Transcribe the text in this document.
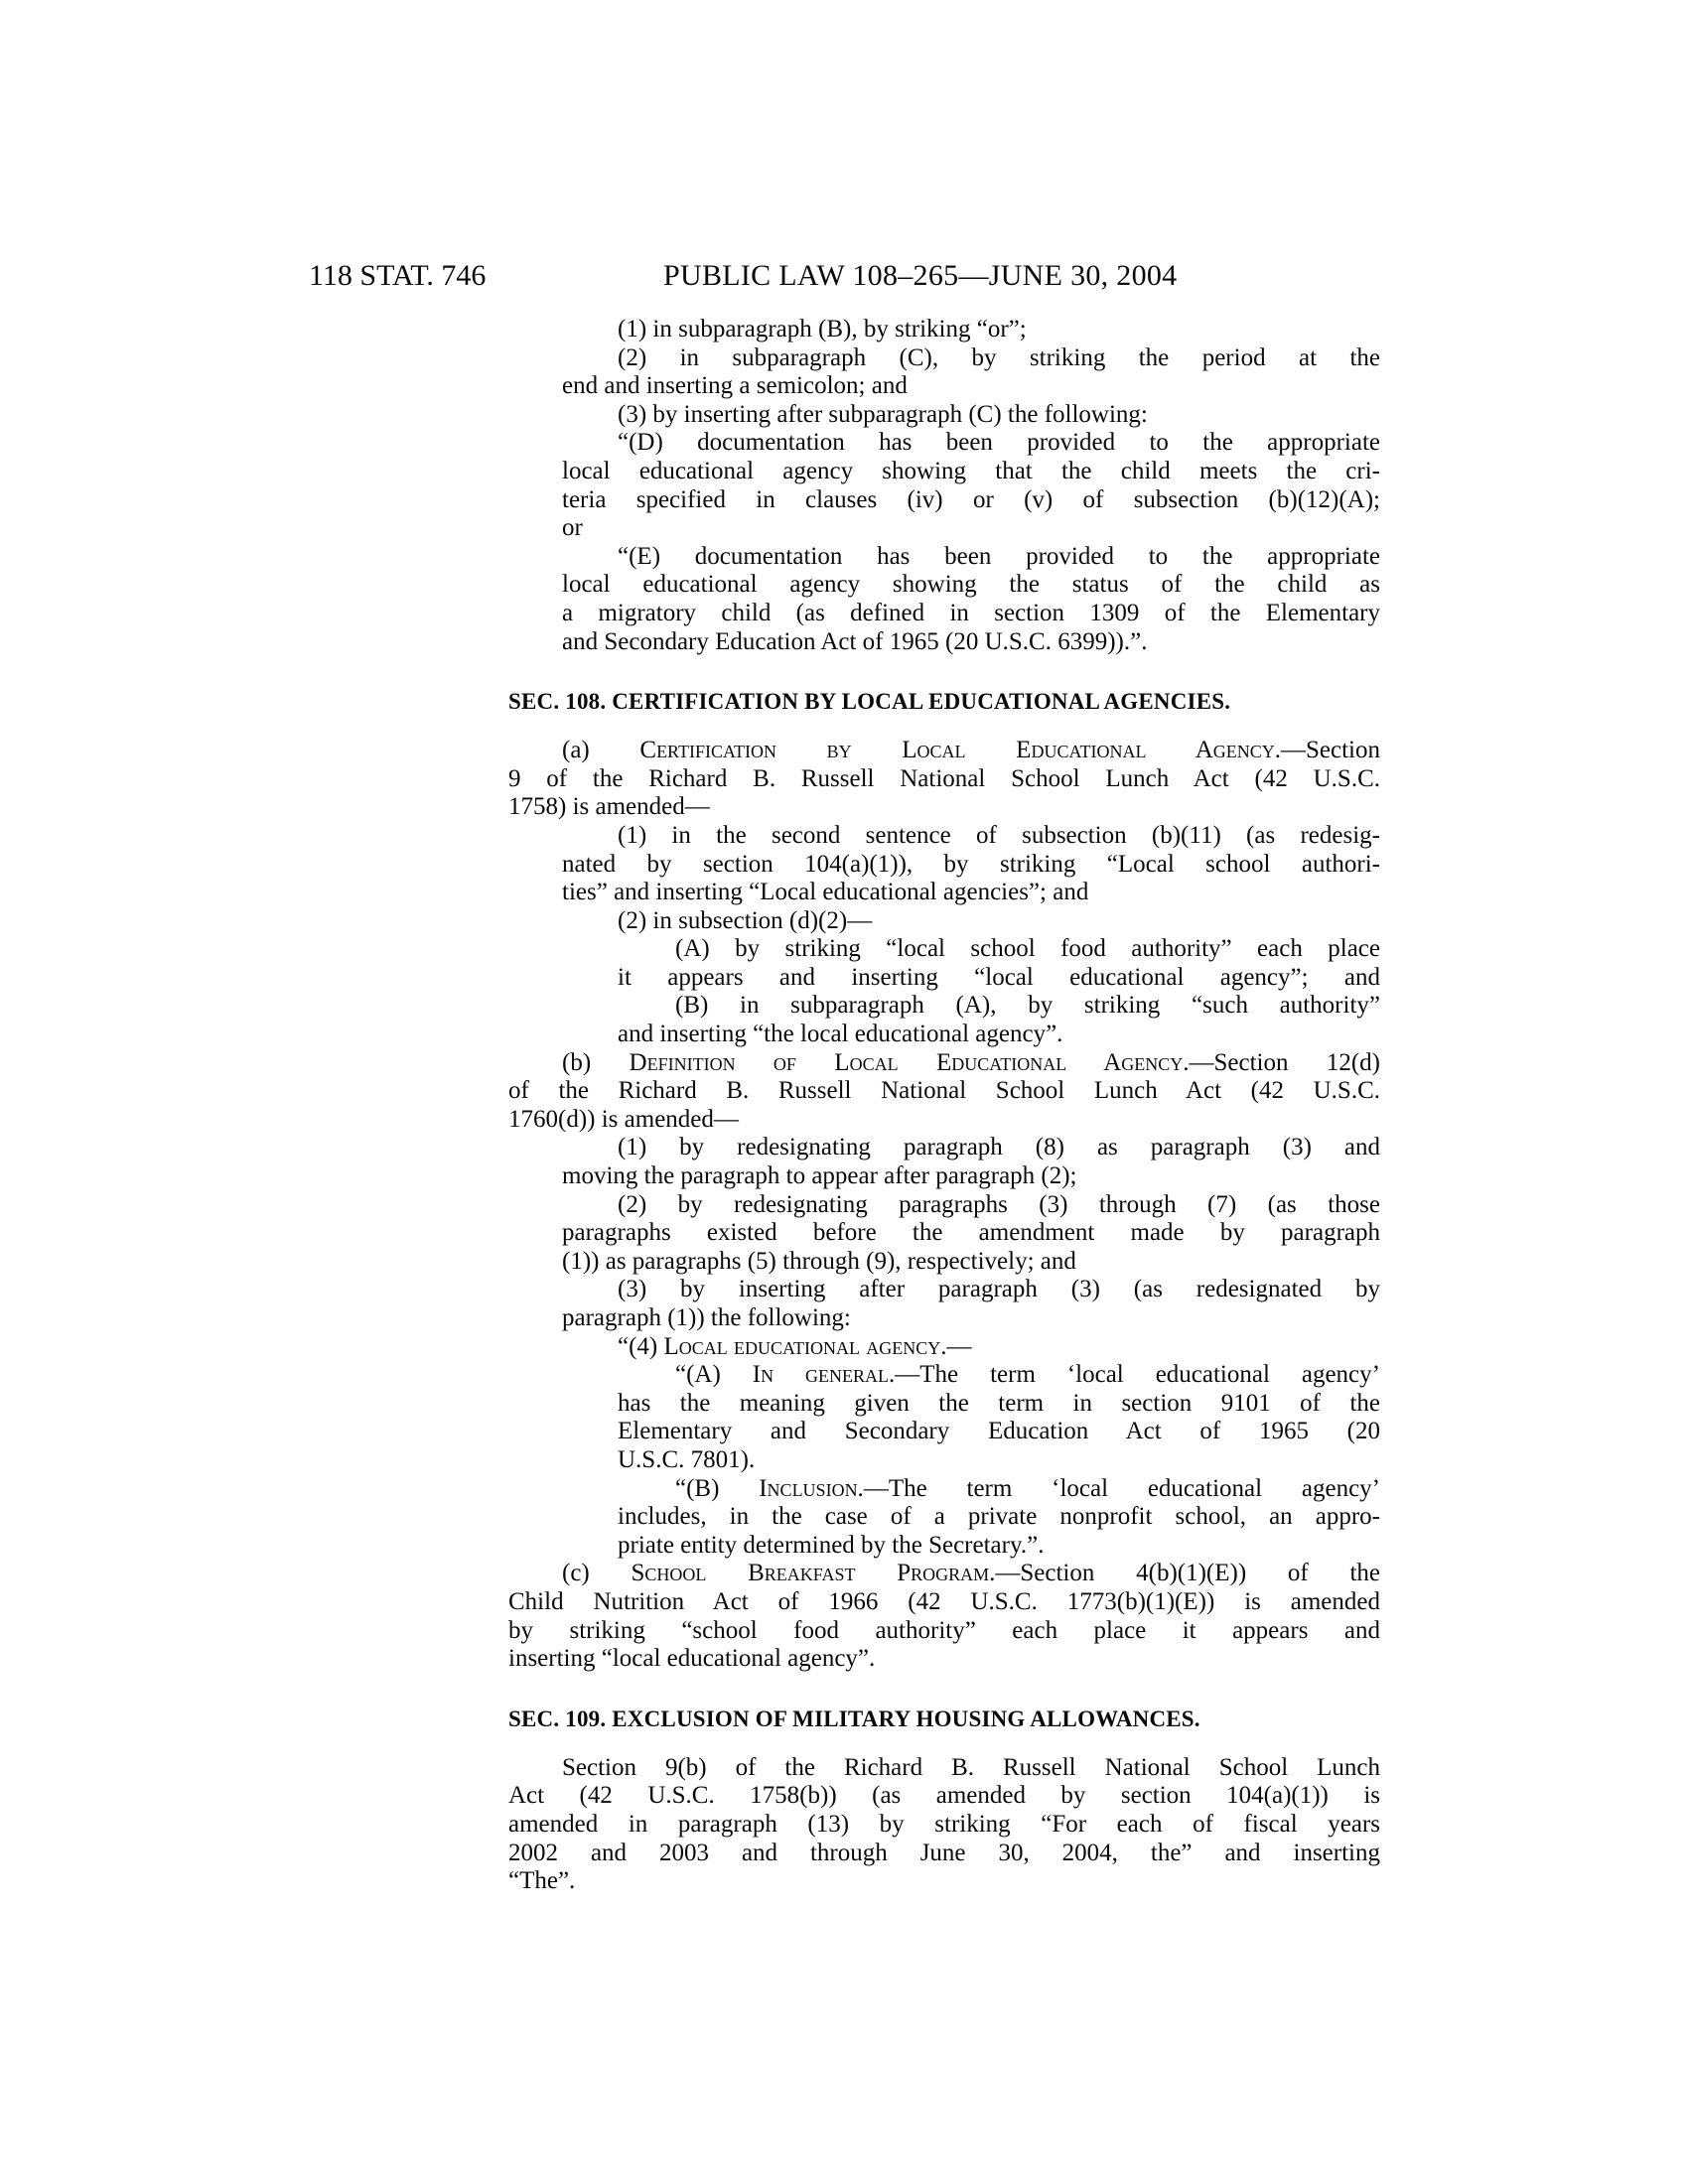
118 STAT. 746	PUBLIC LAW 108–265—JUNE 30, 2004
(1) in subparagraph (B), by striking “or”;
(2) in subparagraph (C), by striking the period at the
end and inserting a semicolon; and
(3) by inserting after subparagraph (C) the following:
“(D) documentation has been provided to the appropriate
local educational agency showing that the child meets the cri-
teria specified in clauses (iv) or (v) of subsection (b)(12)(A);
or
“(E) documentation has been provided to the appropriate
local educational agency showing the status of the child as
a migratory child (as defined in section 1309 of the Elementary
and Secondary Education Act of 1965 (20 U.S.C. 6399)).”.
SEC. 108. CERTIFICATION BY LOCAL EDUCATIONAL AGENCIES.
(a) Certification by Local Educational Agency.—Section
9 of the Richard B. Russell National School Lunch Act (42 U.S.C.
1758) is amended—
(1) in the second sentence of subsection (b)(11) (as redesig-
nated by section 104(a)(1)), by striking “Local school authori-
ties” and inserting “Local educational agencies”; and
(2) in subsection (d)(2)—
(A) by striking “local school food authority” each place
it appears and inserting “local educational agency”; and
(B) in subparagraph (A), by striking “such authority”
and inserting “the local educational agency”.
(b) Definition of Local Educational Agency.—Section 12(d)
of the Richard B. Russell National School Lunch Act (42 U.S.C.
1760(d)) is amended—
(1) by redesignating paragraph (8) as paragraph (3) and
moving the paragraph to appear after paragraph (2);
(2) by redesignating paragraphs (3) through (7) (as those
paragraphs existed before the amendment made by paragraph
(1)) as paragraphs (5) through (9), respectively; and
(3) by inserting after paragraph (3) (as redesignated by
paragraph (1)) the following:
“(4) Local educational agency.—
“(A) In general.—The term ‘local educational agency’
has the meaning given the term in section 9101 of the
Elementary and Secondary Education Act of 1965 (20
U.S.C. 7801).
“(B) Inclusion.—The term ‘local educational agency’
includes, in the case of a private nonprofit school, an appro-
priate entity determined by the Secretary.”.
(c) School Breakfast Program.—Section 4(b)(1)(E)) of the
Child Nutrition Act of 1966 (42 U.S.C. 1773(b)(1)(E)) is amended
by striking “school food authority” each place it appears and
inserting “local educational agency”.
SEC. 109. EXCLUSION OF MILITARY HOUSING ALLOWANCES.
Section 9(b) of the Richard B. Russell National School Lunch
Act (42 U.S.C. 1758(b)) (as amended by section 104(a)(1)) is
amended in paragraph (13) by striking “For each of fiscal years
2002 and 2003 and through June 30, 2004, the” and inserting
“The”.
